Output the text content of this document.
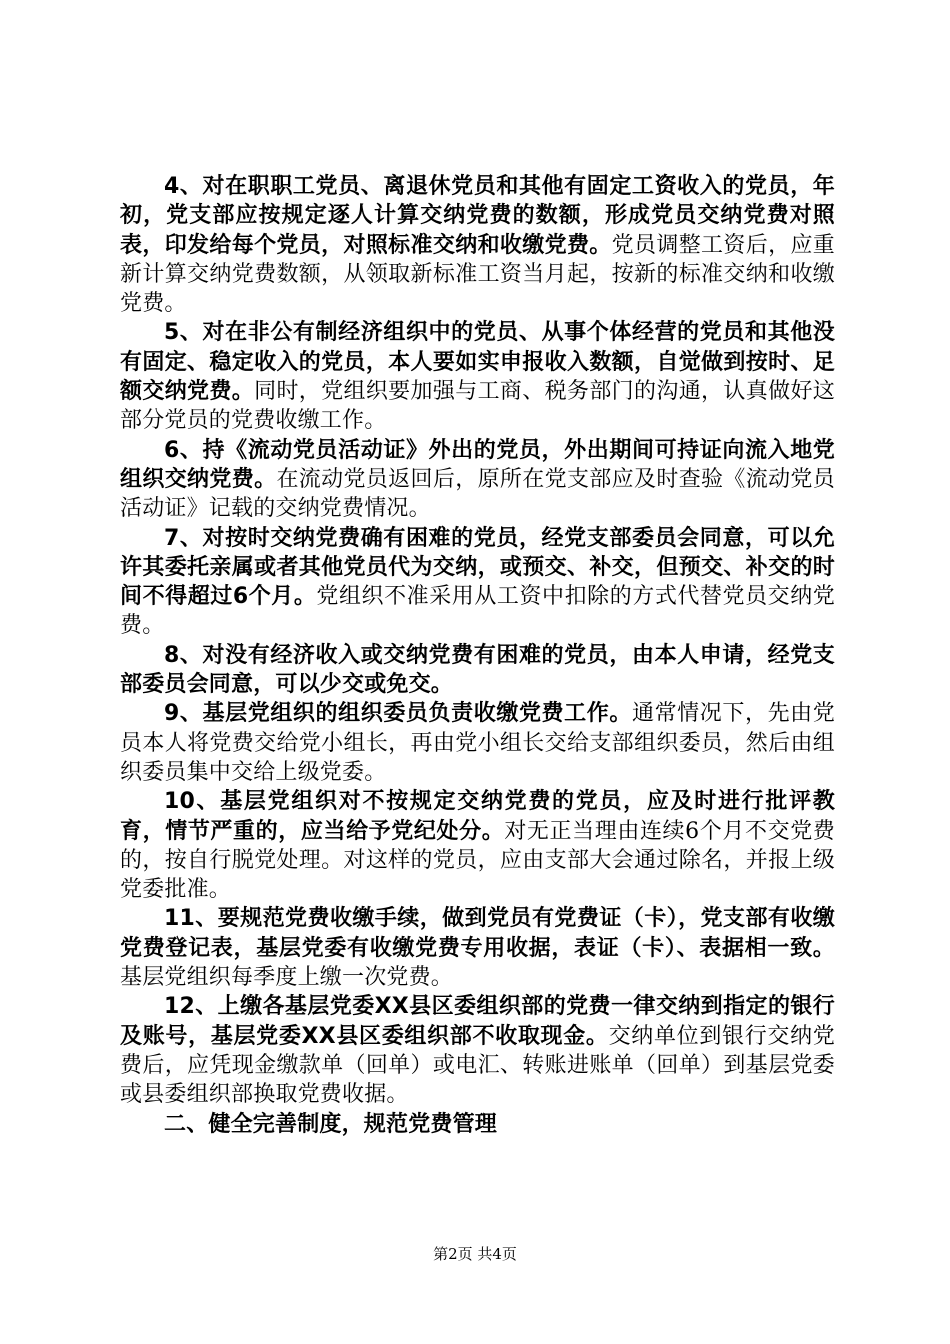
4、对在职职工党员、离退休党员和其他有固定工资收入的党员，年初，党支部应按规定逐人计算交纳党费的数额，形成党员交纳党费对照表，印发给每个党员，对照标准交纳和收缴党费。党员调整工资后，应重新计算交纳党费数额，从领取新标准工资当月起，按新的标准交纳和收缴党费。

5、对在非公有制经济组织中的党员、从事个体经营的党员和其他没有固定、稳定收入的党员，本人要如实申报收入数额，自觉做到按时、足额交纳党费。同时，党组织要加强与工商、税务部门的沟通，认真做好这部分党员的党费收缴工作。

6、持《流动党员活动证》外出的党员，外出期间可持证向流入地党组织交纳党费。在流动党员返回后，原所在党支部应及时查验《流动党员活动证》记载的交纳党费情况。

7、对按时交纳党费确有困难的党员，经党支部委员会同意，可以允许其委托亲属或者其他党员代为交纳，或预交、补交，但预交、补交的时间不得超过6个月。党组织不准采用从工资中扣除的方式代替党员交纳党费。

8、对没有经济收入或交纳党费有困难的党员，由本人申请，经党支部委员会同意，可以少交或免交。

9、基层党组织的组织委员负责收缴党费工作。通常情况下，先由党员本人将党费交给党小组长，再由党小组长交给支部组织委员，然后由组织委员集中交给上级党委。

10、基层党组织对不按规定交纳党费的党员，应及时进行批评教育，情节严重的，应当给予党纪处分。对无正当理由连续6个月不交党费的，按自行脱党处理。对这样的党员，应由支部大会通过除名，并报上级党委批准。

11、要规范党费收缴手续，做到党员有党费证（卡），党支部有收缴党费登记表，基层党委有收缴党费专用收据，表证（卡）、表据相一致。基层党组织每季度上缴一次党费。

12、上缴各基层党委XX县区委组织部的党费一律交纳到指定的银行及账号，基层党委XX县区委组织部不收取现金。交纳单位到银行交纳党费后，应凭现金缴款单（回单）或电汇、转账进账单（回单）到基层党委或县委组织部换取党费收据。

二、健全完善制度，规范党费管理

第2页 共4页
